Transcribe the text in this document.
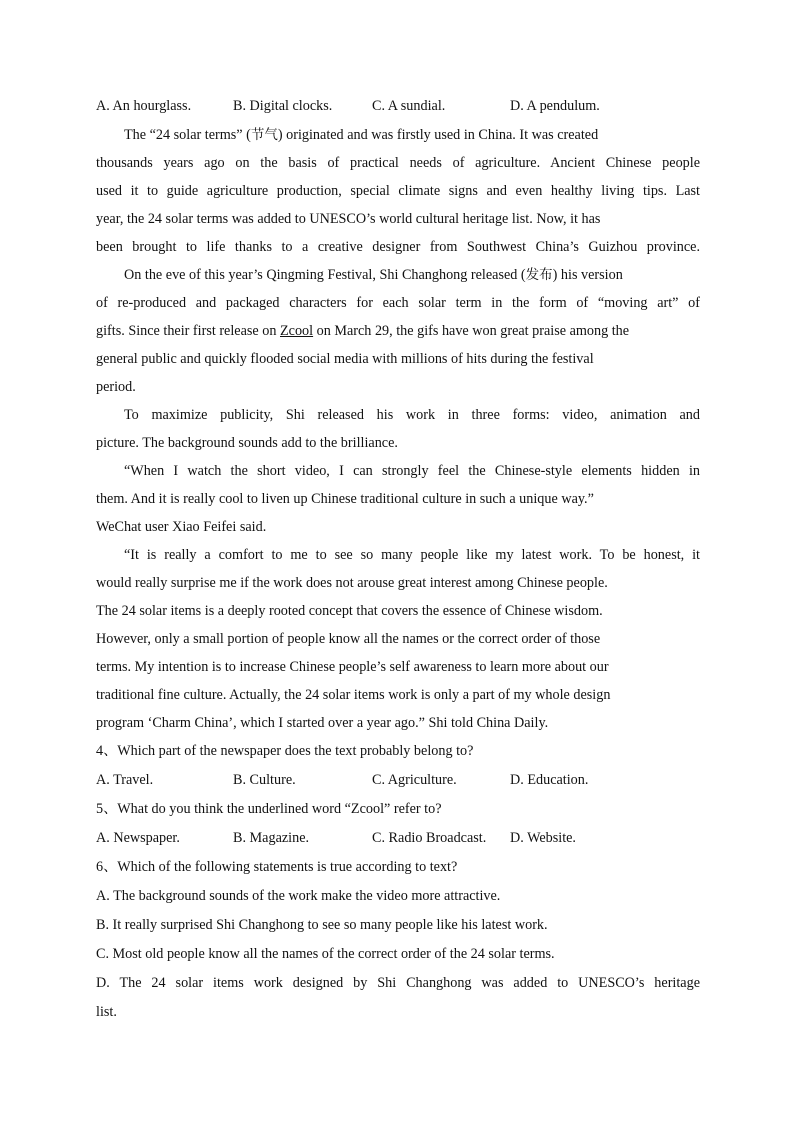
A. An hourglass.	B. Digital clocks.	C. A sundial.	D. A pendulum.
The “24 solar terms” (节气) originated and was firstly used in China. It was created
thousands years ago on the basis of practical needs of agriculture. Ancient Chinese people
used it to guide agriculture production, special climate signs and even healthy living tips. Last
year, the 24 solar terms was added to UNESCO’s world cultural heritage list. Now, it has
been brought to life thanks to a creative designer from Southwest China’s Guizhou province.
On the eve of this year’s Qingming Festival, Shi Changhong released (发布) his version
of re-produced and packaged characters for each solar term in the form of “moving art” of
gifts. Since their first release on Zcool on March 29, the gifs have won great praise among the
general public and quickly flooded social media with millions of hits during the festival
period.
To maximize publicity, Shi released his work in three forms: video, animation and
picture. The background sounds add to the brilliance.
“When I watch the short video, I can strongly feel the Chinese-style elements hidden in
them. And it is really cool to liven up Chinese traditional culture in such a unique way.”
WeChat user Xiao Feifei said.
“It is really a comfort to me to see so many people like my latest work. To be honest, it
would really surprise me if the work does not arouse great interest among Chinese people.
The 24 solar items is a deeply rooted concept that covers the essence of Chinese wisdom.
However, only a small portion of people know all the names or the correct order of those
terms. My intention is to increase Chinese people’s self awareness to learn more about our
traditional fine culture. Actually, the 24 solar items work is only a part of my whole design
program ‘Charm China’, which I started over a year ago.” Shi told China Daily.
4、Which part of the newspaper does the text probably belong to?
A. Travel.	B. Culture.	C. Agriculture.	D. Education.
5、What do you think the underlined word “Zcool” refer to?
A. Newspaper.	B. Magazine.	C. Radio Broadcast.	D. Website.
6、Which of the following statements is true according to text?
A. The background sounds of the work make the video more attractive.
B. It really surprised Shi Changhong to see so many people like his latest work.
C. Most old people know all the names of the correct order of the 24 solar terms.
D. The 24 solar items work designed by Shi Changhong was added to UNESCO’s heritage
list.
